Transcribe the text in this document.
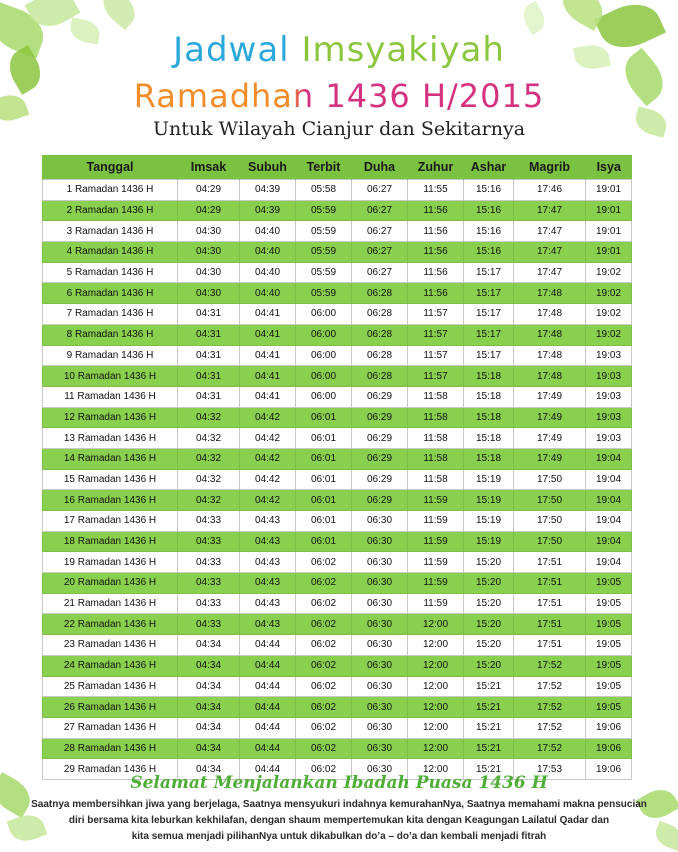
Jadwal Imsyakiyah
Ramadhan 1436 H/2015
Untuk Wilayah Cianjur dan Sekitarnya
Tanggal	Imsak	Subuh	Terbit	Duha	Zuhur	Ashar	Magrib	Isya
1 Ramadan 1436 H	04:29	04:39	05:58	06:27	11:55	15:16	17:46	19:01
2 Ramadan 1436 H	04:29	04:39	05:59	06:27	11:56	15:16	17:47	19:01
3 Ramadan 1436 H	04:30	04:40	05:59	06:27	11:56	15:16	17:47	19:01
4 Ramadan 1436 H	04:30	04:40	05:59	06:27	11:56	15:16	17:47	19:01
5 Ramadan 1436 H	04:30	04:40	05:59	06:27	11:56	15:17	17:47	19:02
6 Ramadan 1436 H	04:30	04:40	05:59	06:28	11:56	15:17	17:48	19:02
7 Ramadan 1436 H	04:31	04:41	06:00	06:28	11:57	15:17	17:48	19:02
8 Ramadan 1436 H	04:31	04:41	06:00	06:28	11:57	15:17	17:48	19:02
9 Ramadan 1436 H	04:31	04:41	06:00	06:28	11:57	15:17	17:48	19:03
10 Ramadan 1436 H	04:31	04:41	06:00	06:28	11:57	15:18	17:48	19:03
11 Ramadan 1436 H	04:31	04:41	06:00	06:29	11:58	15:18	17:49	19:03
12 Ramadan 1436 H	04:32	04:42	06:01	06:29	11:58	15:18	17:49	19:03
13 Ramadan 1436 H	04:32	04:42	06:01	06:29	11:58	15:18	17:49	19:03
14 Ramadan 1436 H	04:32	04:42	06:01	06:29	11:58	15:18	17:49	19:04
15 Ramadan 1436 H	04:32	04:42	06:01	06:29	11:58	15:19	17:50	19:04
16 Ramadan 1436 H	04:32	04:42	06:01	06:29	11:59	15:19	17:50	19:04
17 Ramadan 1436 H	04:33	04:43	06:01	06:30	11:59	15:19	17:50	19:04
18 Ramadan 1436 H	04:33	04:43	06:01	06:30	11:59	15:19	17:50	19:04
19 Ramadan 1436 H	04:33	04:43	06:02	06:30	11:59	15:20	17:51	19:04
20 Ramadan 1436 H	04:33	04:43	06:02	06:30	11:59	15:20	17:51	19:05
21 Ramadan 1436 H	04:33	04:43	06:02	06:30	11:59	15:20	17:51	19:05
22 Ramadan 1436 H	04:33	04:43	06:02	06:30	12:00	15:20	17:51	19:05
23 Ramadan 1436 H	04:34	04:44	06:02	06:30	12:00	15:20	17:51	19:05
24 Ramadan 1436 H	04:34	04:44	06:02	06:30	12:00	15:20	17:52	19:05
25 Ramadan 1436 H	04:34	04:44	06:02	06:30	12:00	15:21	17:52	19:05
26 Ramadan 1436 H	04:34	04:44	06:02	06:30	12:00	15:21	17:52	19:05
27 Ramadan 1436 H	04:34	04:44	06:02	06:30	12:00	15:21	17:52	19:06
28 Ramadan 1436 H	04:34	04:44	06:02	06:30	12:00	15:21	17:52	19:06
29 Ramadan 1436 H	04:34	04:44	06:02	06:30	12:00	15:21	17:53	19:06
Selamat Menjalankan Ibadah Puasa 1436 H
Saatnya membersihkan jiwa yang berjelaga, Saatnya mensyukuri indahnya kemurahanNya, Saatnya memahami makna pensucian
diri bersama kita leburkan kekhilafan, dengan shaum mempertemukan kita dengan Keagungan Lailatul Qadar dan
kita semua menjadi pilihanNya untuk dikabulkan do’a – do’a dan kembali menjadi fitrah
